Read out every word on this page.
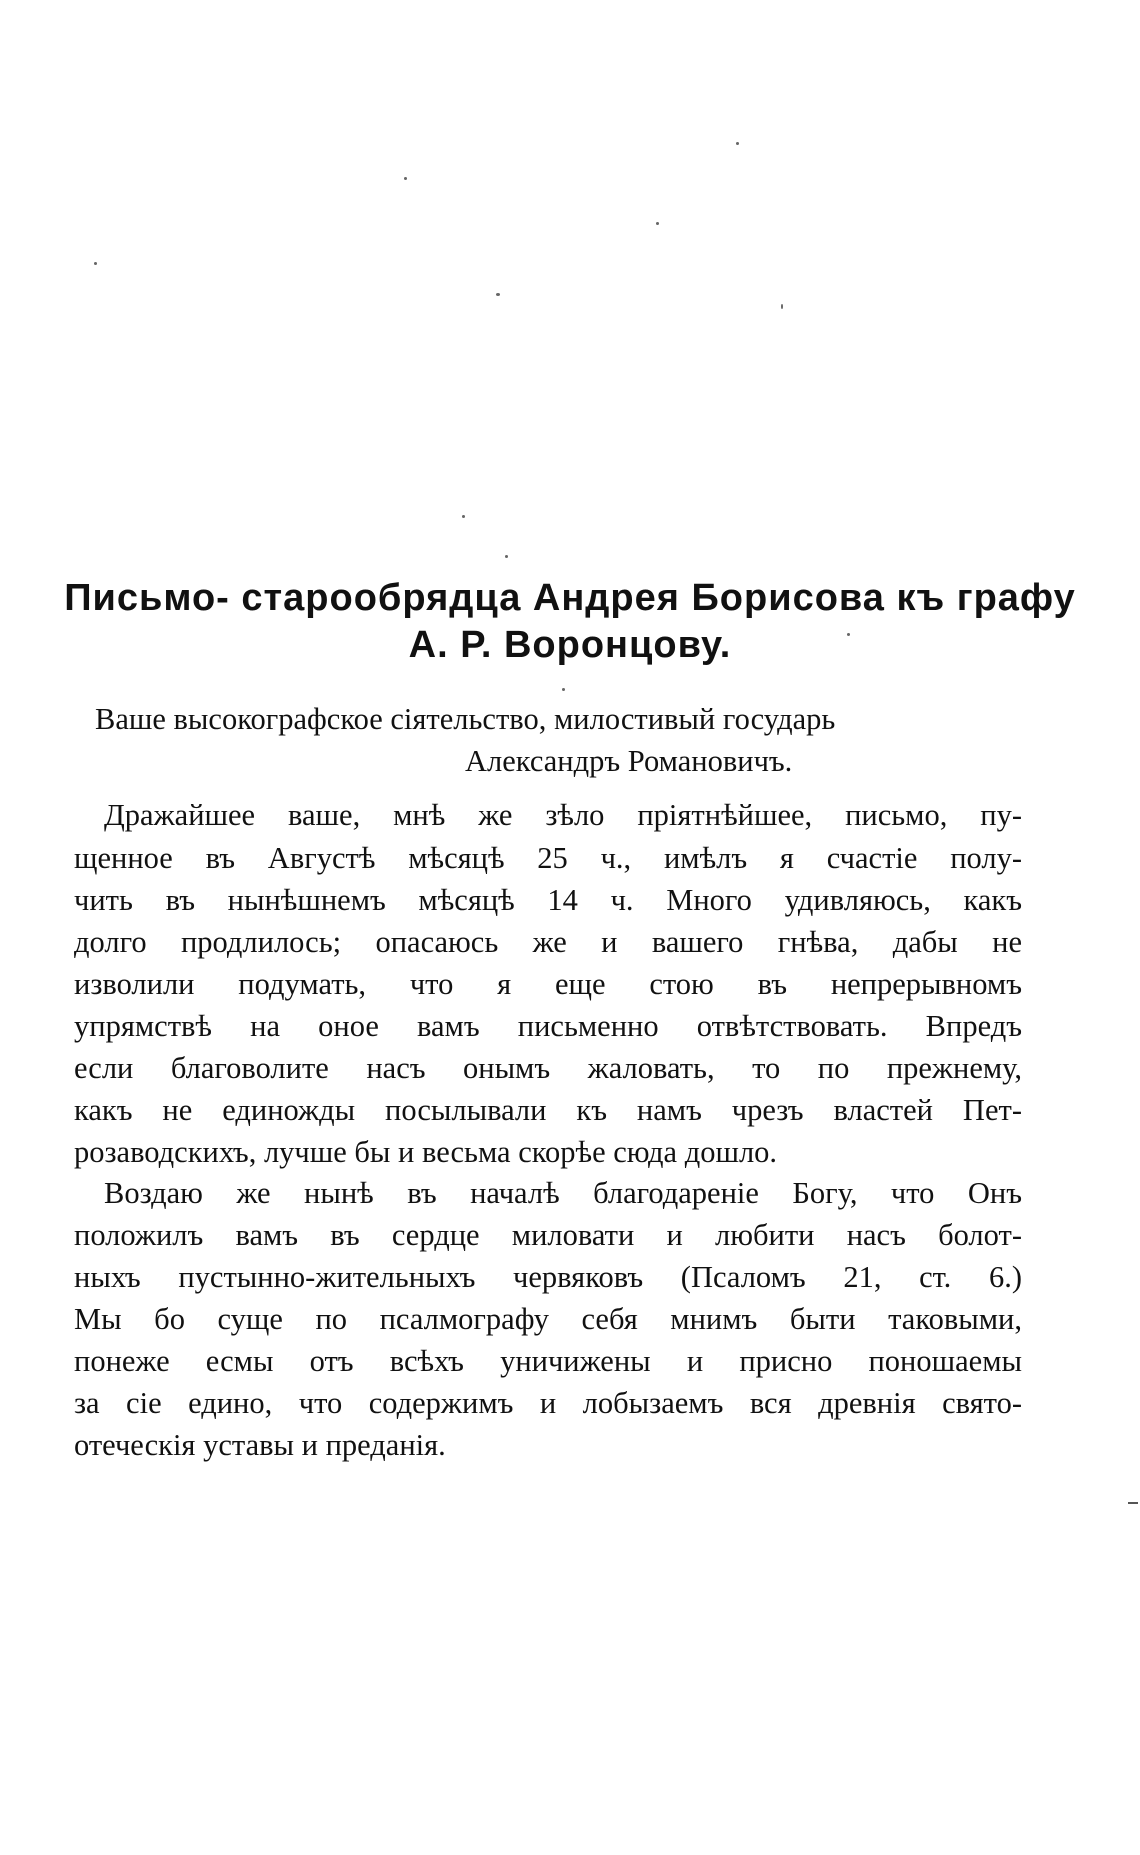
Письмо- старообрядца Андрея Борисова къ графу
А. Р. Воронцову.
Ваше высокографское сіятельство, милостивый государь
Александръ Романовичъ.
Дражайшее ваше, мнѣ же зѣло пріятнѣйшее, письмо, пу-
щенное въ Августѣ мѣсяцѣ 25 ч., имѣлъ я счастіе полу-
чить въ нынѣшнемъ мѣсяцѣ 14 ч. Много удивляюсь, какъ
долго продлилось; опасаюсь же и вашего гнѣва, дабы не
изволили подумать, что я еще стою въ непрерывномъ
упрямствѣ на оное вамъ письменно отвѣтствовать. Впредъ
если благоволите насъ онымъ жаловать, то по прежнему,
какъ не единожды посылывали къ намъ чрезъ властей Пет-
розаводскихъ, лучше бы и весьма скорѣе сюда дошло.
Воздаю же нынѣ въ началѣ благодареніе Богу, что Онъ
положилъ вамъ въ сердце миловати и любити насъ болот-
ныхъ пустынно-жительныхъ червяковъ (Псаломъ 21, ст. 6.)
Мы бо суще по псалмографу себя мнимъ быти таковыми,
понеже есмы отъ всѣхъ уничижены и присно поношаемы
за сіе едино, что содержимъ и лобызаемъ вся древнія свято-
отеческія уставы и преданія.
